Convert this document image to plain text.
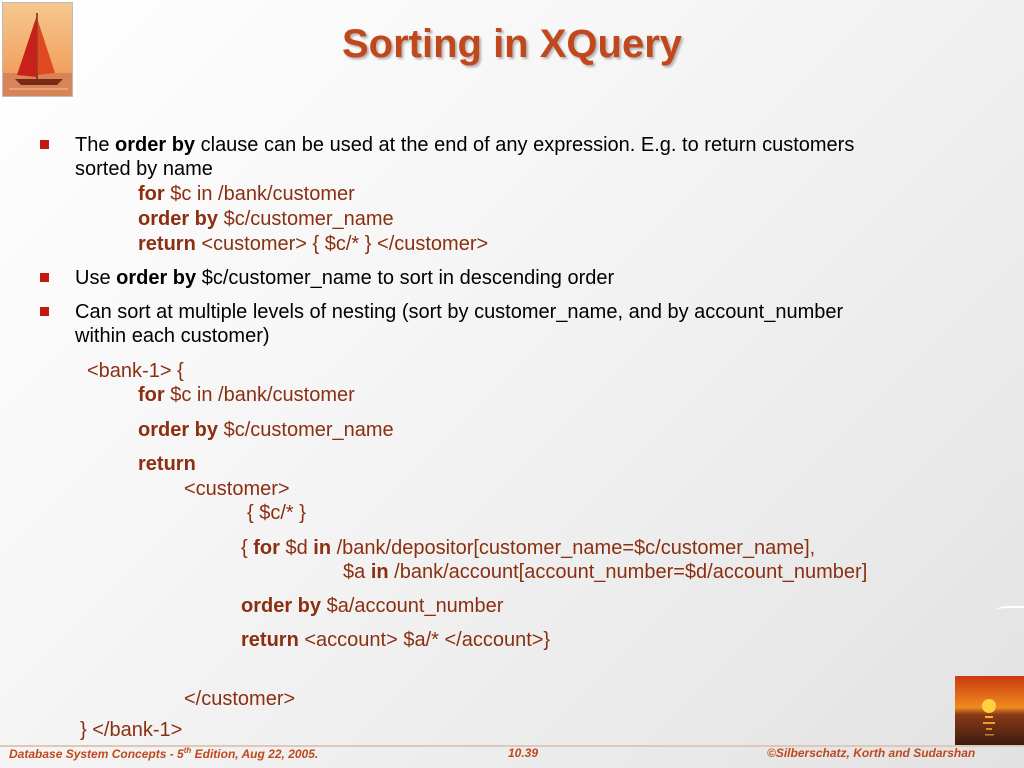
Sorting in XQuery
The order by clause can be used at the end of any expression. E.g. to return customers
sorted by name
for $c in /bank/customer
order by $c/customer_name
return <customer> { $c/* } </customer>
Use order by $c/customer_name to sort in descending order
Can sort at multiple levels of nesting (sort by customer_name, and by account_number
within each customer)
<bank-1> {
for $c in /bank/customer
order by $c/customer_name
return
<customer>
{ $c/* }
{ for $d in /bank/depositor[customer_name=$c/customer_name],
$a in /bank/account[account_number=$d/account_number]
order by $a/account_number
return <account> $a/* </account>}
</customer>
} </bank-1>
Database System Concepts - 5th Edition, Aug 22, 2005.	10.39	©Silberschatz, Korth and Sudarshan
